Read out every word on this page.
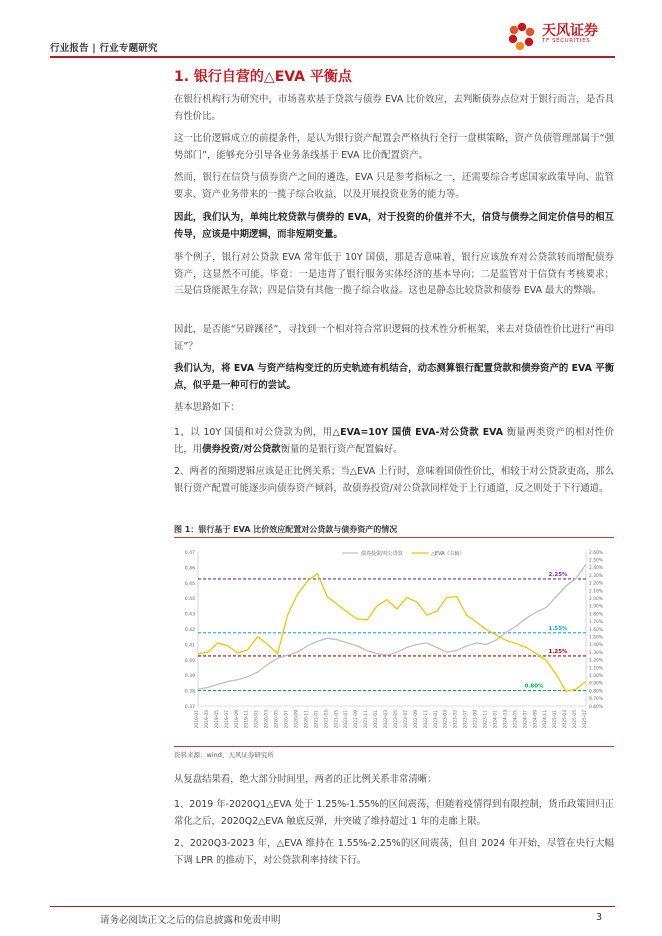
行业报告 | 行业专题研究
天风证券
TF SECURITIES
1. 银行自营的△EVA 平衡点
在银行机构行为研究中，市场喜欢基于贷款与债券 EVA 比价效应，去判断债券点位对于银行而言，是否具有性价比。
这一比价逻辑成立的前提条件，是认为银行资产配置会严格执行全行一盘棋策略，资产负债管理部属于“强势部门”，能够充分引导各业务条线基于 EVA 比价配置资产。
然而，银行在信贷与债券资产之间的遴选，EVA 只是参考指标之一，还需要综合考虑国家政策导向、监管要求、资产业务带来的一揽子综合收益，以及开展投资业务的能力等。
因此，我们认为，单纯比较贷款与债券的 EVA，对于投资的价值并不大，信贷与债券之间定价信号的相互传导，应该是中期逻辑，而非短期变量。
举个例子，银行对公贷款 EVA 常年低于 10Y 国债，那是否意味着，银行应该放弃对公贷款转而增配债券资产，这显然不可能。毕竟：一是违背了银行服务实体经济的基本导向；二是监管对于信贷有考核要求；三是信贷能派生存款；四是信贷有其他一揽子综合收益。这也是静态比较贷款和债券 EVA 最大的弊端。
因此，是否能“另辟蹊径”，寻找到一个相对符合常识逻辑的技术性分析框架，来去对贷债性价比进行“再印证”？
我们认为，将 EVA 与资产结构变迁的历史轨迹有机结合，动态测算银行配置贷款和债券资产的 EVA 平衡点，似乎是一种可行的尝试。
基本思路如下：
1、以 10Y 国债和对公贷款为例，用△EVA=10Y 国债 EVA-对公贷款 EVA 衡量两类资产的相对性价比，用债券投资/对公贷款衡量的是银行资产配置偏好。
2、两者的预期逻辑应该是正比例关系；当△EVA 上行时，意味着国债性价比，相较于对公贷款更高，那么银行资产配置可能逐步向债券资产倾斜，故债券投资/对公贷款同样处于上行通道，反之则处于下行通道。
图 1：银行基于 EVA 比价效应配置对公贷款与债券资产的情况
0.47
0.46
0.45
0.44
0.43
0.42
0.41
0.40
0.39
0.38
0.37
2.60%
2.50%
2.40%
2.30%
2.20%
2.10%
2.00%
1.90%
1.80%
1.70%
1.60%
1.50%
1.40%
1.30%
1.20%
1.10%
1.00%
0.90%
0.80%
0.70%
0.60%
2019-01 2019-03 2019-05 2019-07 2019-09 2019-11 2020-01 2020-03 2020-05 2020-07 2020-09 2020-11 2021-01 2021-03 2021-05 2021-07 2021-09 2021-11 2022-01 2022-03 2022-05 2022-07 2022-09 2022-11 2023-01 2023-03 2023-05 2023-07 2023-09 2023-11 2024-01 2024-03 2024-05 2024-07 2024-09 2024-11 2025-01 2025-03 2025-05 2025-07
2.25%
1.55%
1.25%
0.80%
债券投资/对公贷款	△EVA（右轴）
资料来源：wind，天风证券研究所
从复盘结果看，绝大部分时间里，两者的正比例关系非常清晰：
1、2019 年-2020Q1△EVA 处于 1.25%-1.55%的区间震荡，但随着疫情得到有限控制，货币政策回归正常化之后，2020Q2△EVA 触底反弹，并突破了维持超过 1 年的走廊上限。
2、2020Q3-2023 年，△EVA 维持在 1.55%-2.25%的区间震荡，但自 2024 年开始，尽管在央行大幅下调 LPR 的推动下，对公贷款利率持续下行。
请务必阅读正文之后的信息披露和免责申明	3
